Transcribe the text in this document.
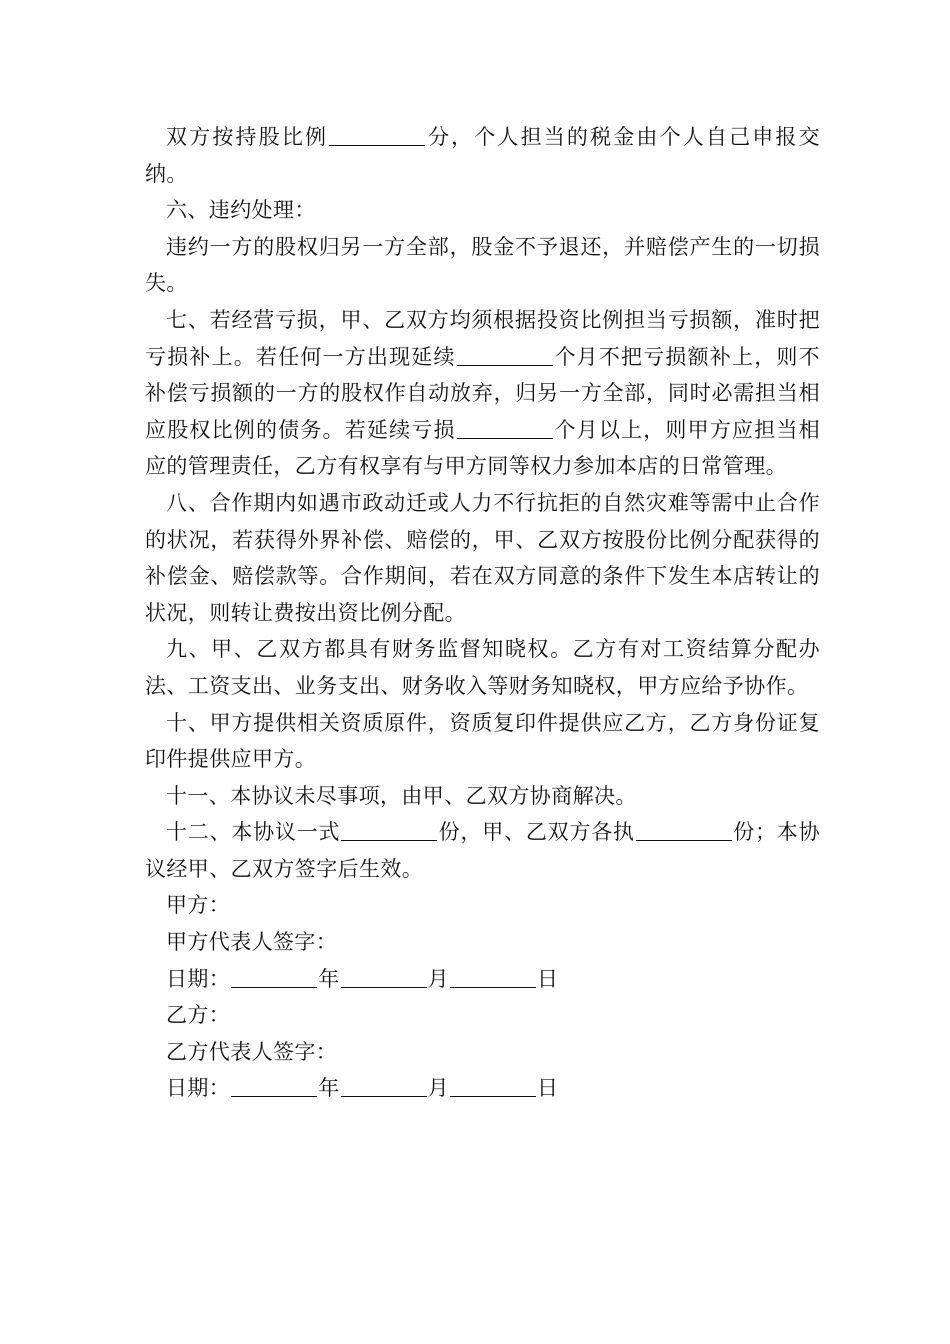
双方按持股比例	分，个人担当的税金由个人自己申报交纳。

六、违约处理：

违约一方的股权归另一方全部，股金不予退还，并赔偿产生的一切损失。

七、若经营亏损，甲、乙双方均须根据投资比例担当亏损额，准时把亏损补上。若任何一方出现延续	个月不把亏损额补上，则不补偿亏损额的一方的股权作自动放弃，归另一方全部，同时必需担当相应股权比例的债务。若延续亏损	个月以上，则甲方应担当相应的管理责任，乙方有权享有与甲方同等权力参加本店的日常管理。

八、合作期内如遇市政动迁或人力不行抗拒的自然灾难等需中止合作的状况，若获得外界补偿、赔偿的，甲、乙双方按股份比例分配获得的补偿金、赔偿款等。合作期间，若在双方同意的条件下发生本店转让的状况，则转让费按出资比例分配。

九、甲、乙双方都具有财务监督知晓权。乙方有对工资结算分配办法、工资支出、业务支出、财务收入等财务知晓权，甲方应给予协作。

十、甲方提供相关资质原件，资质复印件提供应乙方，乙方身份证复印件提供应甲方。

十一、本协议未尽事项，由甲、乙双方协商解决。

十二、本协议一式	份，甲、乙双方各执	份；本协议经甲、乙双方签字后生效。

甲方：

甲方代表人签字：

日期：	年	月	日

乙方：

乙方代表人签字：

日期：	年	月	日
